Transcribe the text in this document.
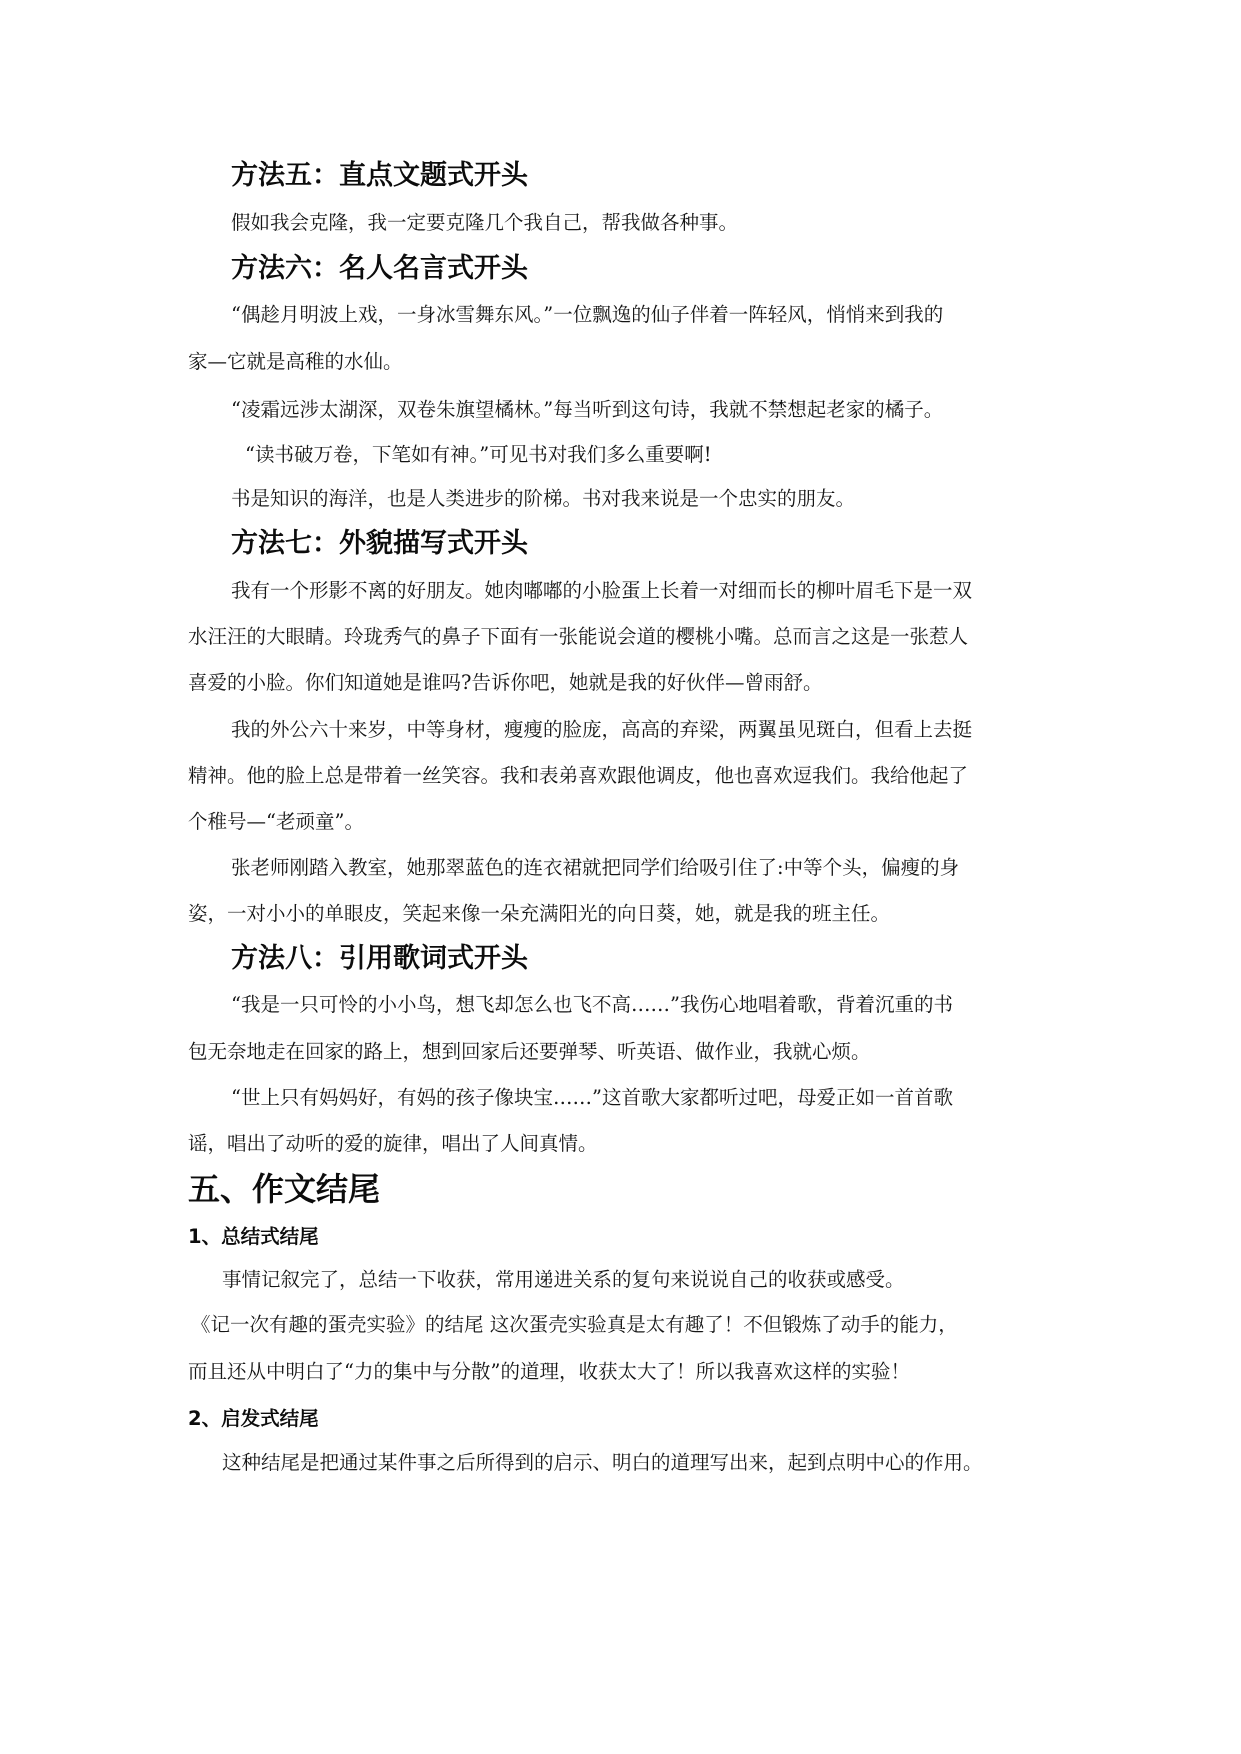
方法五：直点文题式开头
假如我会克隆，我一定要克隆几个我自己，帮我做各种事。
方法六：名人名言式开头
“偶趁月明波上戏，一身冰雪舞东风。”一位飘逸的仙子伴着一阵轻风，悄悄来到我的
家—它就是高稚的水仙。
“凌霜远涉太湖深，双卷朱旗望橘林。”每当听到这句诗，我就不禁想起老家的橘子。
“读书破万卷，下笔如有神。”可见书对我们多么重要啊!
书是知识的海洋，也是人类进步的阶梯。书对我来说是一个忠实的朋友。
方法七：外貌描写式开头
我有一个形影不离的好朋友。她肉嘟嘟的小脸蛋上长着一对细而长的柳叶眉毛下是一双
水汪汪的大眼睛。玲珑秀气的鼻子下面有一张能说会道的樱桃小嘴。总而言之这是一张惹人
喜爱的小脸。你们知道她是谁吗?告诉你吧，她就是我的好伙伴—曾雨舒。
我的外公六十来岁，中等身材，瘦瘦的脸庞，高高的弃梁，两翼虽见斑白，但看上去挺
精神。他的脸上总是带着一丝笑容。我和表弟喜欢跟他调皮，他也喜欢逗我们。我给他起了
个稚号—“老顽童”。
张老师刚踏入教室，她那翠蓝色的连衣裙就把同学们给吸引住了:中等个头，偏瘦的身
姿，一对小小的单眼皮，笑起来像一朵充满阳光的向日葵，她，就是我的班主任。
方法八：引用歌词式开头
“我是一只可怜的小小鸟，想飞却怎么也飞不高……”我伤心地唱着歌，背着沉重的书
包无奈地走在回家的路上，想到回家后还要弹琴、听英语、做作业，我就心烦。
“世上只有妈妈好，有妈的孩子像块宝……”这首歌大家都听过吧，母爱正如一首首歌
谣，唱出了动听的爱的旋律，唱出了人间真情。
五、作文结尾
1、总结式结尾
事情记叙完了，总结一下收获，常用递进关系的复句来说说自己的收获或感受。
《记一次有趣的蛋壳实验》的结尾 这次蛋壳实验真是太有趣了！不但锻炼了动手的能力，
而且还从中明白了“力的集中与分散”的道理，收获太大了！所以我喜欢这样的实验！
2、启发式结尾
这种结尾是把通过某件事之后所得到的启示、明白的道理写出来，起到点明中心的作用。
